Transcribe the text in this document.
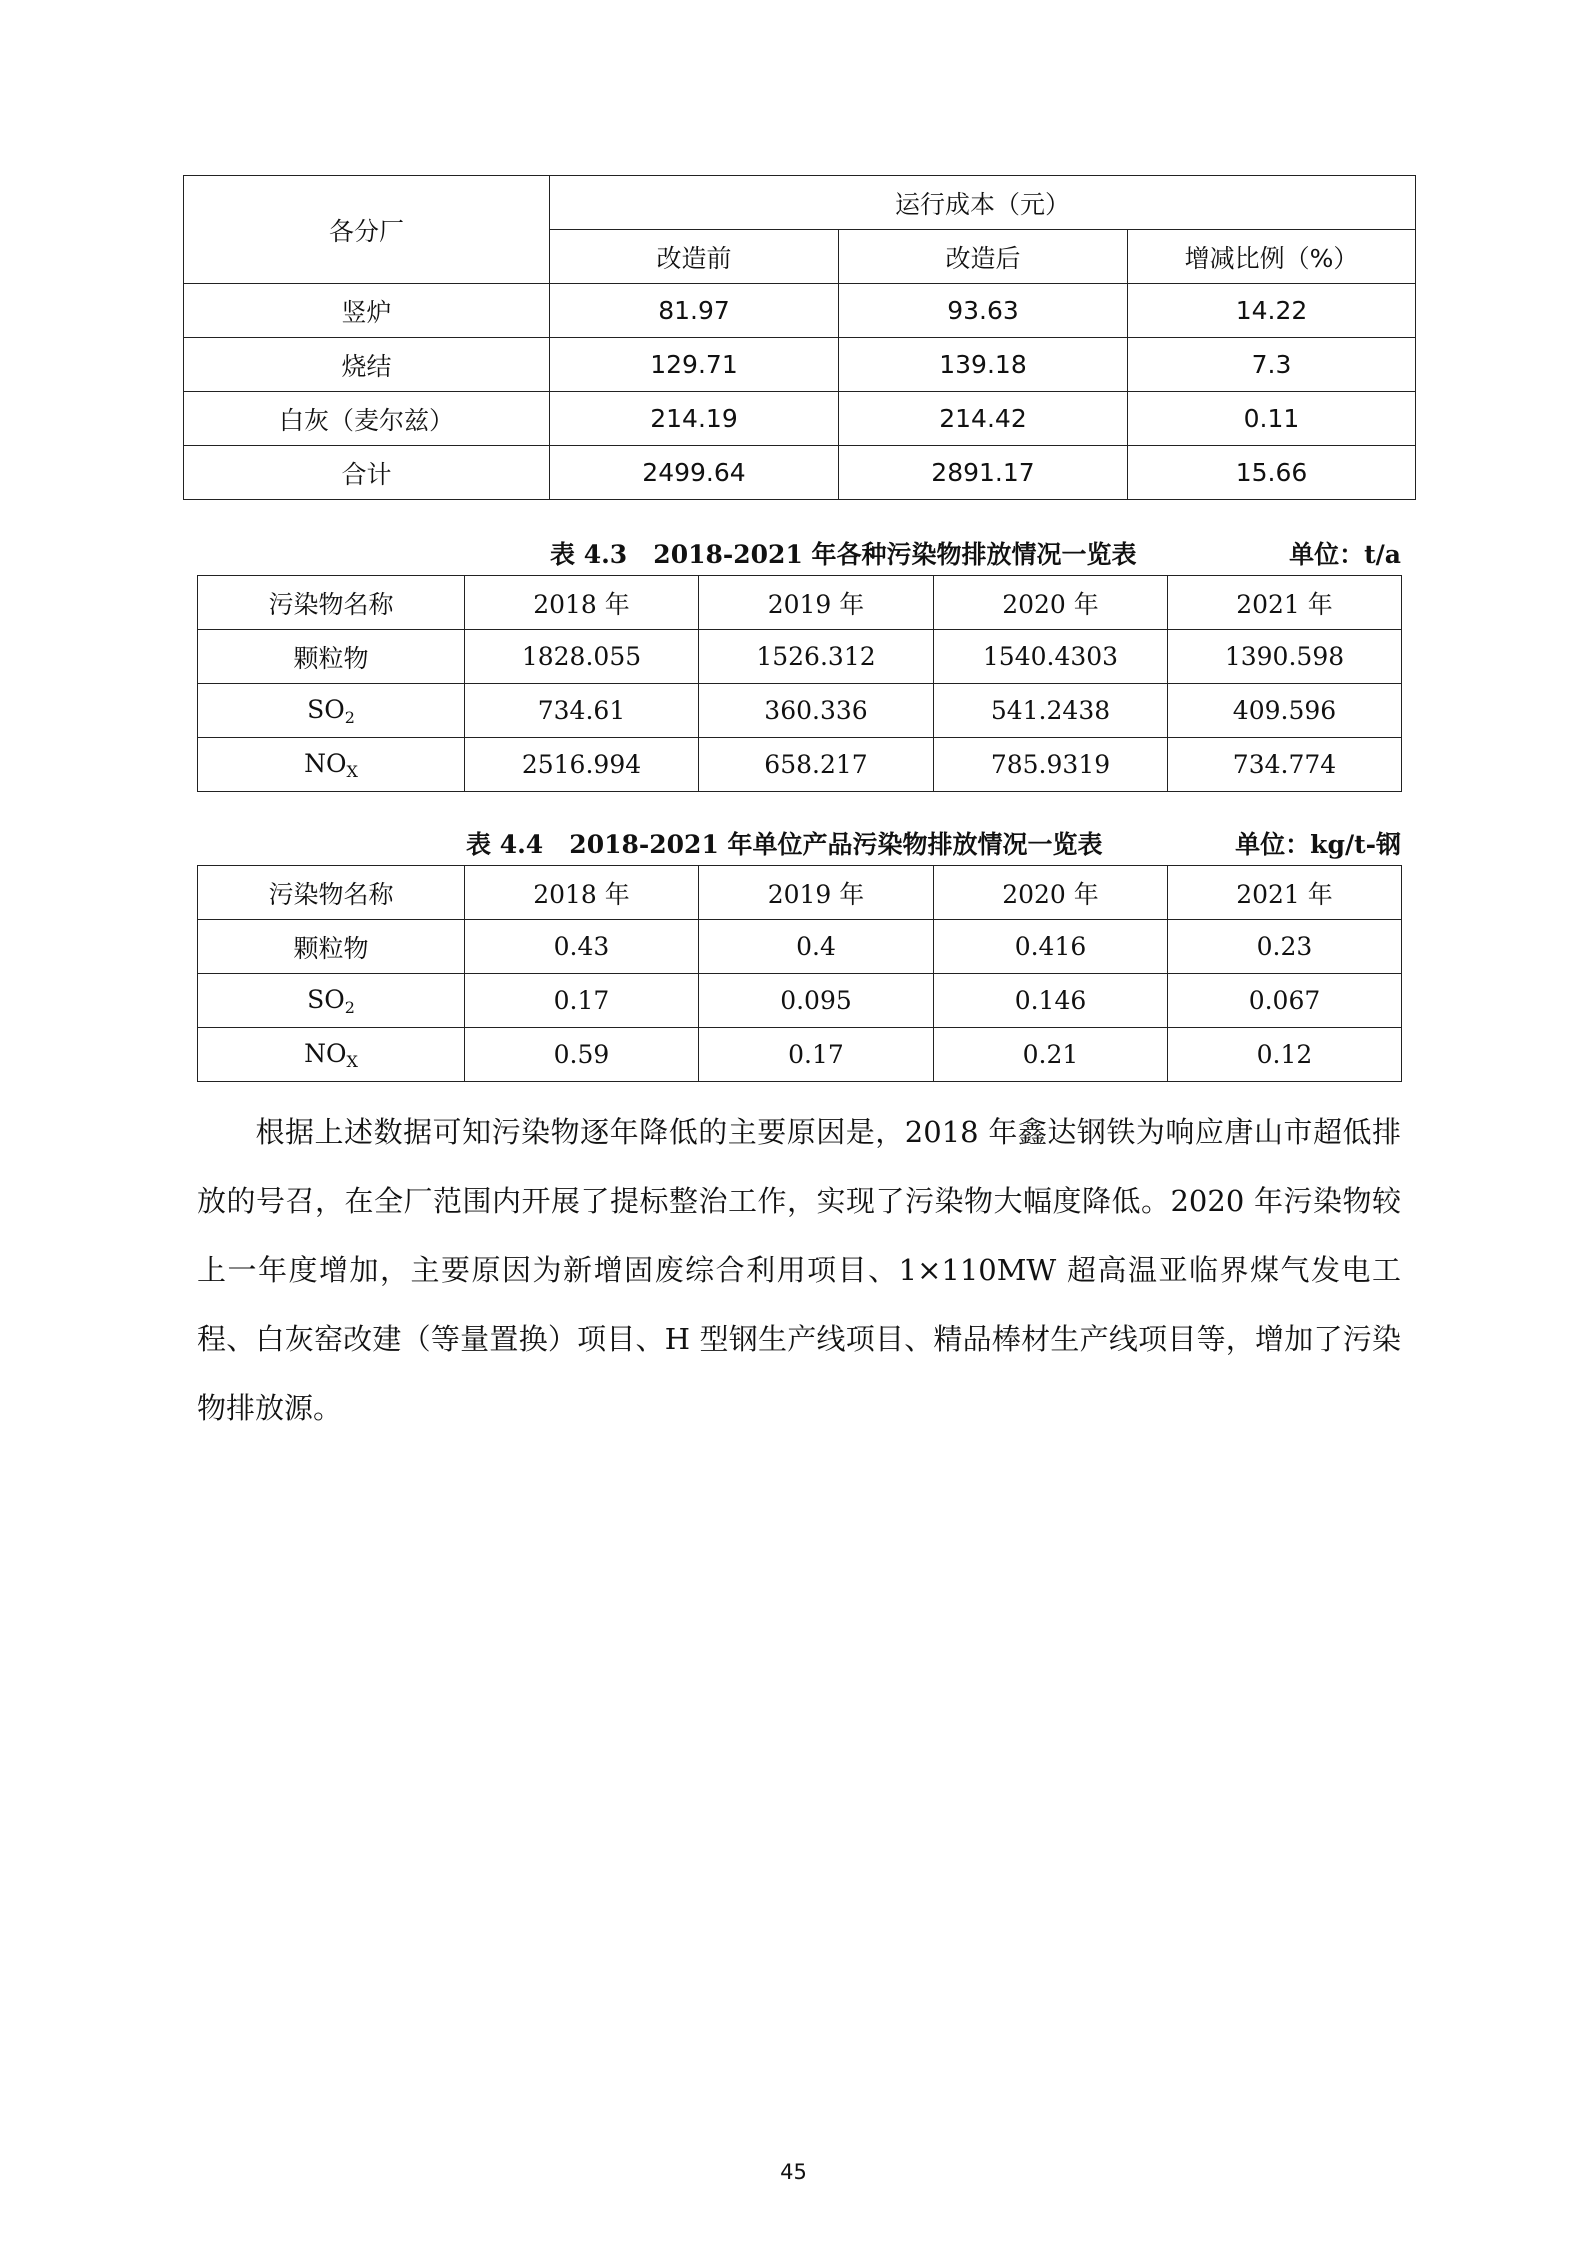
各分厂	运行成本（元）		
	改造前	改造后	增减比例（%）
竖炉	81.97	93.63	14.22
烧结	129.71	139.18	7.3
白灰（麦尔兹）	214.19	214.42	0.11
合计	2499.64	2891.17	15.66
表 4.3   2018-2021 年各种污染物排放情况一览表	单位：t/a
污染物名称	2018 年	2019 年	2020 年	2021 年
颗粒物	1828.055	1526.312	1540.4303	1390.598
$SO_2$	734.61	360.336	541.2438	409.596
$NO_X$	2516.994	658.217	785.9319	734.774
表 4.4   2018-2021 年单位产品污染物排放情况一览表	单位：kg/t-钢
污染物名称	2018 年	2019 年	2020 年	2021 年
颗粒物	0.43	0.4	0.416	0.23
$SO_2$	0.17	0.095	0.146	0.067
$NO_X$	0.59	0.17	0.21	0.12
根据上述数据可知污染物逐年降低的主要原因是，2018 年鑫达钢铁为响应唐山市超低排放的号召，在全厂范围内开展了提标整治工作，实现了污染物大幅度降低。2020 年污染物较上一年度增加，主要原因为新增固废综合利用项目、1×110MW 超高温亚临界煤气发电工程、白灰窑改建（等量置换）项目、H 型钢生产线项目、精品棒材生产线项目等，增加了污染物排放源。
45
